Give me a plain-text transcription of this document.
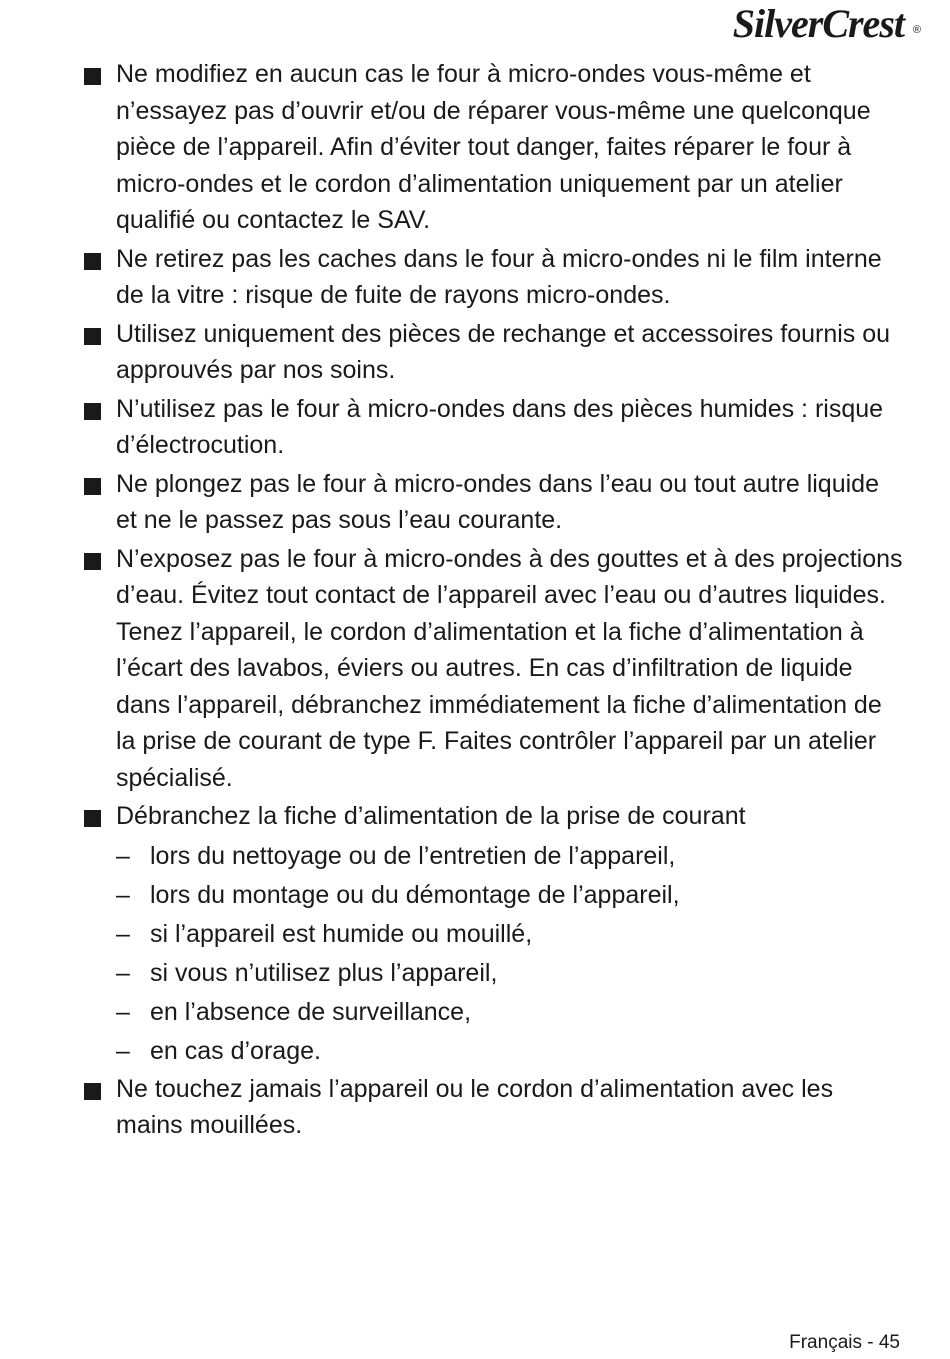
SilverCrest ®
Ne modifiez en aucun cas le four à micro-ondes vous-même et n’essayez pas d’ouvrir et/ou de réparer vous-même une quelconque pièce de l’appareil. Afin d’éviter tout danger, faites réparer le four à micro-ondes et le cordon d’alimentation uniquement par un atelier qualifié ou contactez le SAV.
Ne retirez pas les caches dans le four à micro-ondes ni le film interne de la vitre : risque de fuite de rayons micro-ondes.
Utilisez uniquement des pièces de rechange et accessoires fournis ou approuvés par nos soins.
N’utilisez pas le four à micro-ondes dans des pièces humides : risque d’électrocution.
Ne plongez pas le four à micro-ondes dans l’eau ou tout autre liquide et ne le passez pas sous l’eau courante.
N’exposez pas le four à micro-ondes à des gouttes et à des projections d’eau. Évitez tout contact de l’appareil avec l’eau ou d’autres liquides. Tenez l’appareil, le cordon d’alimentation et la fiche d’alimentation à l’écart des lavabos, éviers ou autres. En cas d’infiltration de liquide dans l’appareil, débranchez immédiatement la fiche d’alimentation de la prise de courant de type F. Faites contrôler l’appareil par un atelier spécialisé.
Débranchez la fiche d’alimentation de la prise de courant
– lors du nettoyage ou de l’entretien de l’appareil,
– lors du montage ou du démontage de l’appareil,
– si l’appareil est humide ou mouillé,
– si vous n’utilisez plus l’appareil,
– en l’absence de surveillance,
– en cas d’orage.
Ne touchez jamais l’appareil ou le cordon d’alimentation avec les mains mouillées.
Français - 45
